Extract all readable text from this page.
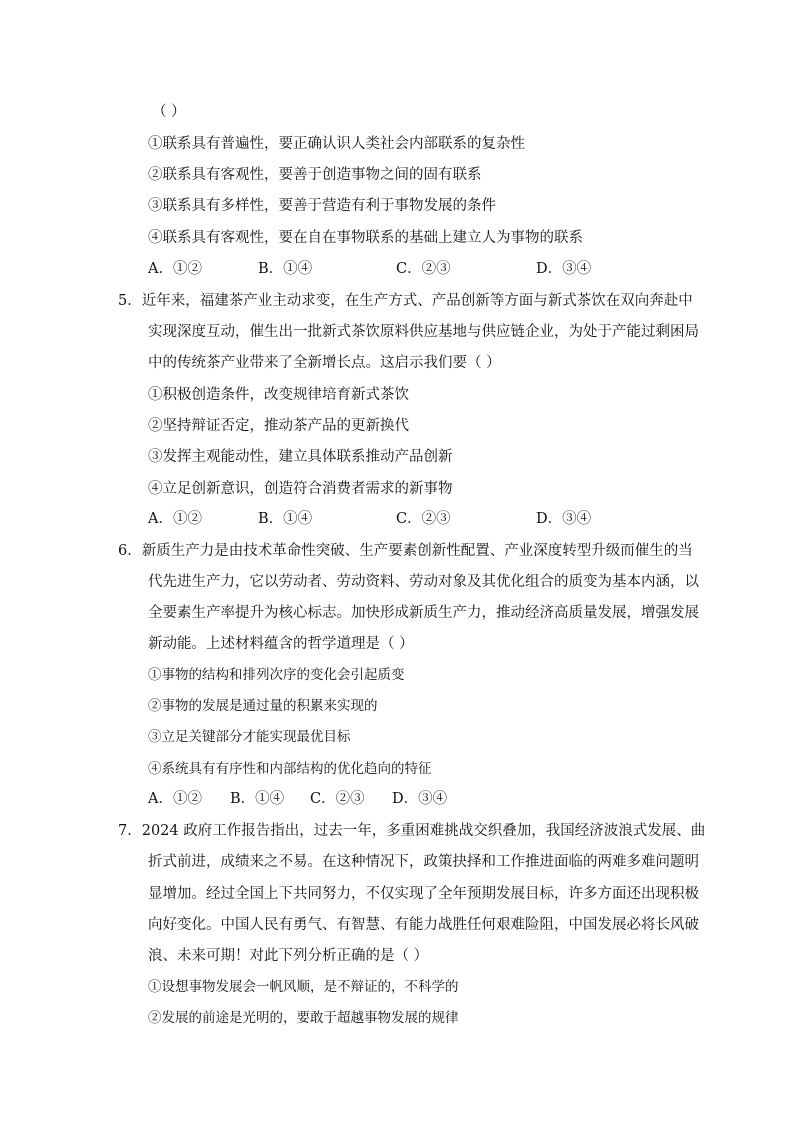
（ ）
①联系具有普遍性，要正确认识人类社会内部联系的复杂性
②联系具有客观性，要善于创造事物之间的固有联系
③联系具有多样性，要善于营造有利于事物发展的条件
④联系具有客观性，要在自在事物联系的基础上建立人为事物的联系
A．①②	B．①④	C．②③	D．③④
5．近年来，福建茶产业主动求变，在生产方式、产品创新等方面与新式茶饮在双向奔赴中
实现深度互动，催生出一批新式茶饮原料供应基地与供应链企业，为处于产能过剩困局
中的传统茶产业带来了全新增长点。这启示我们要（ ）
①积极创造条件，改变规律培育新式茶饮
②坚持辩证否定，推动茶产品的更新换代
③发挥主观能动性，建立具体联系推动产品创新
④立足创新意识，创造符合消费者需求的新事物
A．①②	B．①④	C．②③	D．③④
6．新质生产力是由技术革命性突破、生产要素创新性配置、产业深度转型升级而催生的当
代先进生产力，它以劳动者、劳动资料、劳动对象及其优化组合的质变为基本内涵，以
全要素生产率提升为核心标志。加快形成新质生产力，推动经济高质量发展，增强发展
新动能。上述材料蕴含的哲学道理是（ ）
①事物的结构和排列次序的变化会引起质变
②事物的发展是通过量的积累来实现的
③立足关键部分才能实现最优目标
④系统具有有序性和内部结构的优化趋向的特征
A．①② B．①④ C．②③ D．③④
7．2024 政府工作报告指出，过去一年，多重困难挑战交织叠加，我国经济波浪式发展、曲
折式前进，成绩来之不易。在这种情况下，政策抉择和工作推进面临的两难多难问题明
显增加。经过全国上下共同努力，不仅实现了全年预期发展目标，许多方面还出现积极
向好变化。中国人民有勇气、有智慧、有能力战胜任何艰难险阻，中国发展必将长风破
浪、未来可期！对此下列分析正确的是（ ）
①设想事物发展会一帆风顺，是不辩证的，不科学的
②发展的前途是光明的，要敢于超越事物发展的规律
